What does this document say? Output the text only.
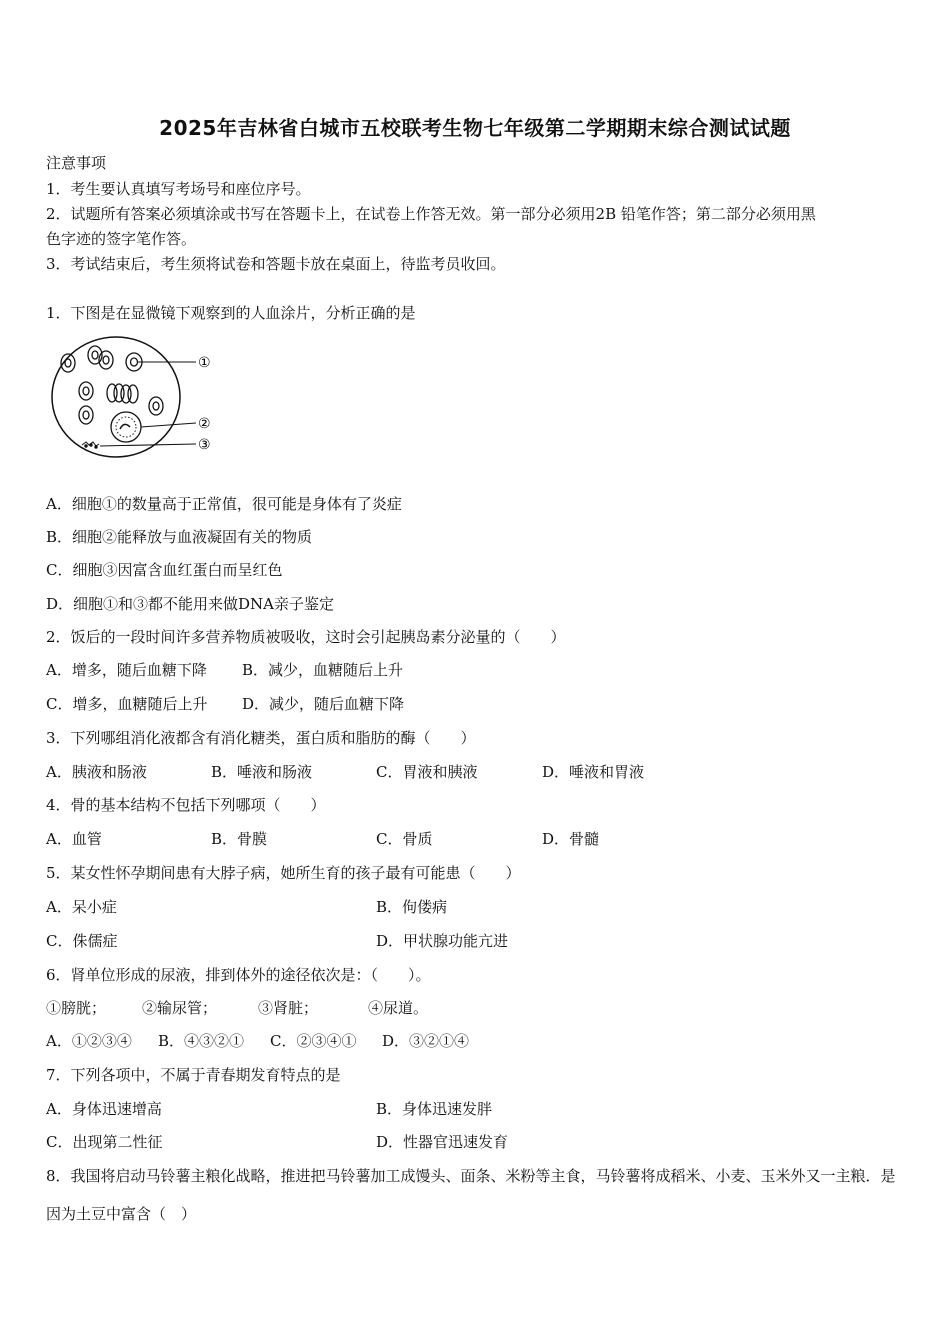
2025年吉林省白城市五校联考生物七年级第二学期期末综合测试试题
注意事项
1．考生要认真填写考场号和座位序号。
2．试题所有答案必须填涂或书写在答题卡上，在试卷上作答无效。第一部分必须用2B 铅笔作答；第二部分必须用黑
色字迹的签字笔作答。
3．考试结束后，考生须将试卷和答题卡放在桌面上，待监考员收回。
1．下图是在显微镜下观察到的人血涂片，分析正确的是
①
②
③
A．细胞①的数量高于正常值，很可能是身体有了炎症
B．细胞②能释放与血液凝固有关的物质
C．细胞③因富含血红蛋白而呈红色
D．细胞①和③都不能用来做DNA亲子鉴定
2．饭后的一段时间许多营养物质被吸收，这时会引起胰岛素分泌量的（　　）
A．增多，随后血糖下降 B．减少，血糖随后上升
C．增多，血糖随后上升 D．减少，随后血糖下降
3．下列哪组消化液都含有消化糖类，蛋白质和脂肪的酶（　　）
A．胰液和肠液	B．唾液和肠液	C．胃液和胰液	D．唾液和胃液
4．骨的基本结构不包括下列哪项（　　）
A．血管	B．骨膜	C．骨质	D．骨髓
5．某女性怀孕期间患有大脖子病，她所生育的孩子最有可能患（　　）
A．呆小症	B．佝偻病
C．侏儒症	D．甲状腺功能亢进
6．肾单位形成的尿液，排到体外的途径依次是：（　　）。
①膀胱； ②输尿管；	③肾脏；	④尿道。
A．①②③④ B．④③②① C．②③④① D．③②①④
7．下列各项中，不属于青春期发育特点的是
A．身体迅速增高	B．身体迅速发胖
C．出现第二性征	D．性器官迅速发育
8．我国将启动马铃薯主粮化战略，推进把马铃薯加工成馒头、面条、米粉等主食，马铃薯将成稻米、小麦、玉米外又一主粮．是因为土豆中富含（　）
